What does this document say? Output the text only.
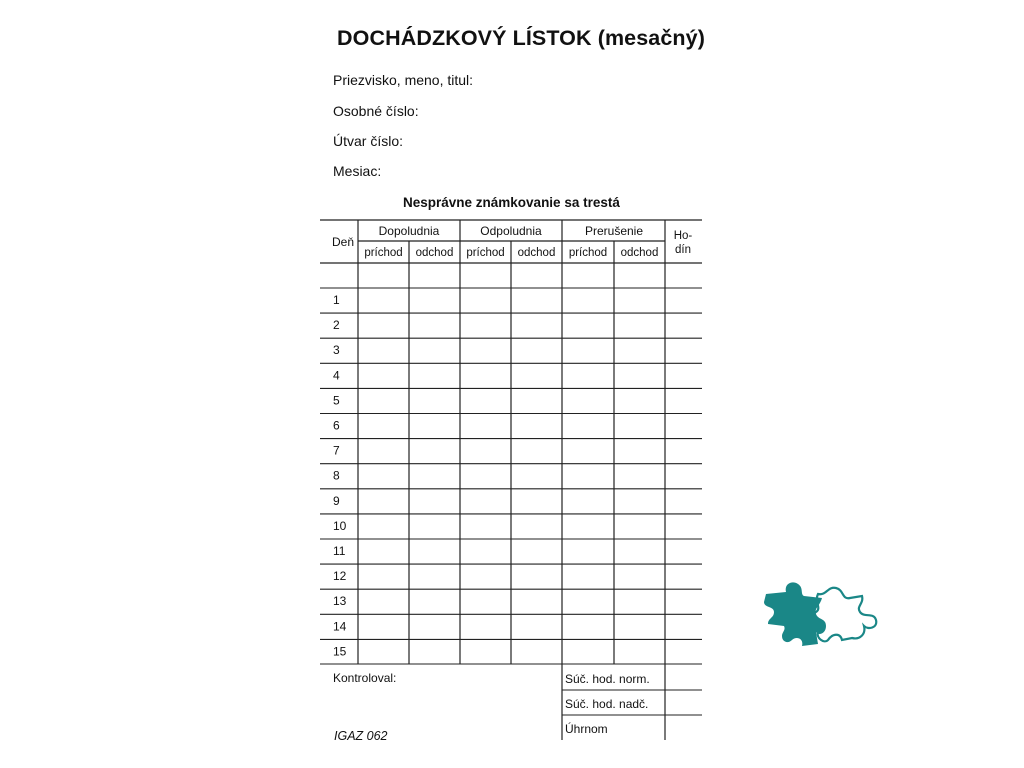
DOCHÁDZKOVÝ LÍSTOK (mesačný)
Priezvisko, meno, titul:
Osobné číslo:
Útvar číslo:
Mesiac:
Nesprávne známkovanie sa trestá
Deň
Dopoludnia	Odpoludnia	Prerušenie
príchod odchod príchod odchod príchod odchod
Ho-
dín
1
2
3
4
5
6
7
8
9
10
11
12
13
14
15
Kontroloval:	Súč. hod. norm.
Súč. hod. nadč.
Úhrnom
IGAZ 062
